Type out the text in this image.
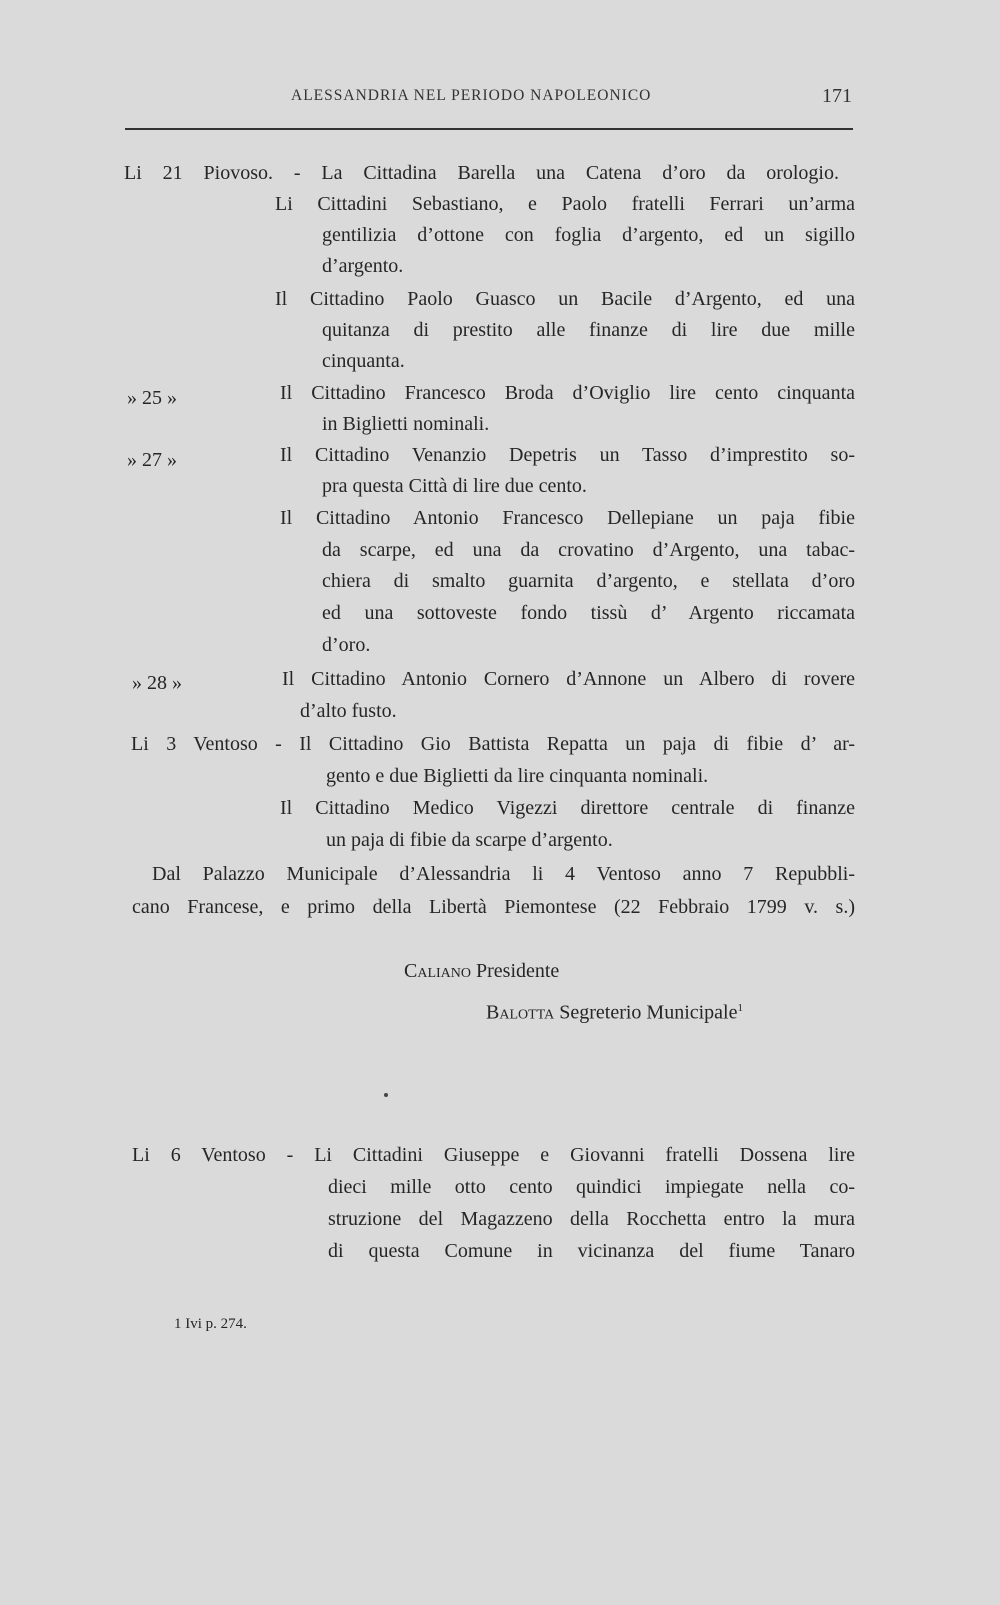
ALESSANDRIA NEL PERIODO NAPOLEONICO	171
Li 21 Piovoso. - La Cittadina Barella una Catena d’oro da orologio.
Li Cittadini Sebastiano, e Paolo fratelli Ferrari un’arma
gentilizia d’ottone con foglia d’argento, ed un sigillo
d’argento.
Il Cittadino Paolo Guasco un Bacile d’Argento, ed una
quitanza di prestito alle finanze di lire due mille
cinquanta.
» 25 »	Il Cittadino Francesco Broda d’Oviglio lire cento cinquanta
in Biglietti nominali.
» 27 »	Il Cittadino Venanzio Depetris un Tasso d’imprestito so-
pra questa Città di lire due cento.
Il Cittadino Antonio Francesco Dellepiane un paja fibie
da scarpe, ed una da crovatino d’Argento, una tabac-
chiera di smalto guarnita d’argento, e stellata d’oro
ed una sottoveste fondo tissù d’ Argento riccamata
d’oro.
» 28 »	Il Cittadino Antonio Cornero d’Annone un Albero di rovere
d’alto fusto.
Li 3 Ventoso - Il Cittadino Gio Battista Repatta un paja di fibie d’ ar-
gento e due Biglietti da lire cinquanta nominali.
Il Cittadino Medico Vigezzi direttore centrale di finanze
un paja di fibie da scarpe d’argento.
Dal Palazzo Municipale d’Alessandria li 4 Ventoso anno 7 Repubbli-
cano Francese, e primo della Libertà Piemontese (22 Febbraio 1799 v. s.)
Caliano Presidente
Balotta Segreterio Municipale$^1$
Li 6 Ventoso - Li Cittadini Giuseppe e Giovanni fratelli Dossena lire
dieci mille otto cento quindici impiegate nella co-
struzione del Magazzeno della Rocchetta entro la mura
di questa Comune in vicinanza del fiume Tanaro
1 Ivi p. 274.
